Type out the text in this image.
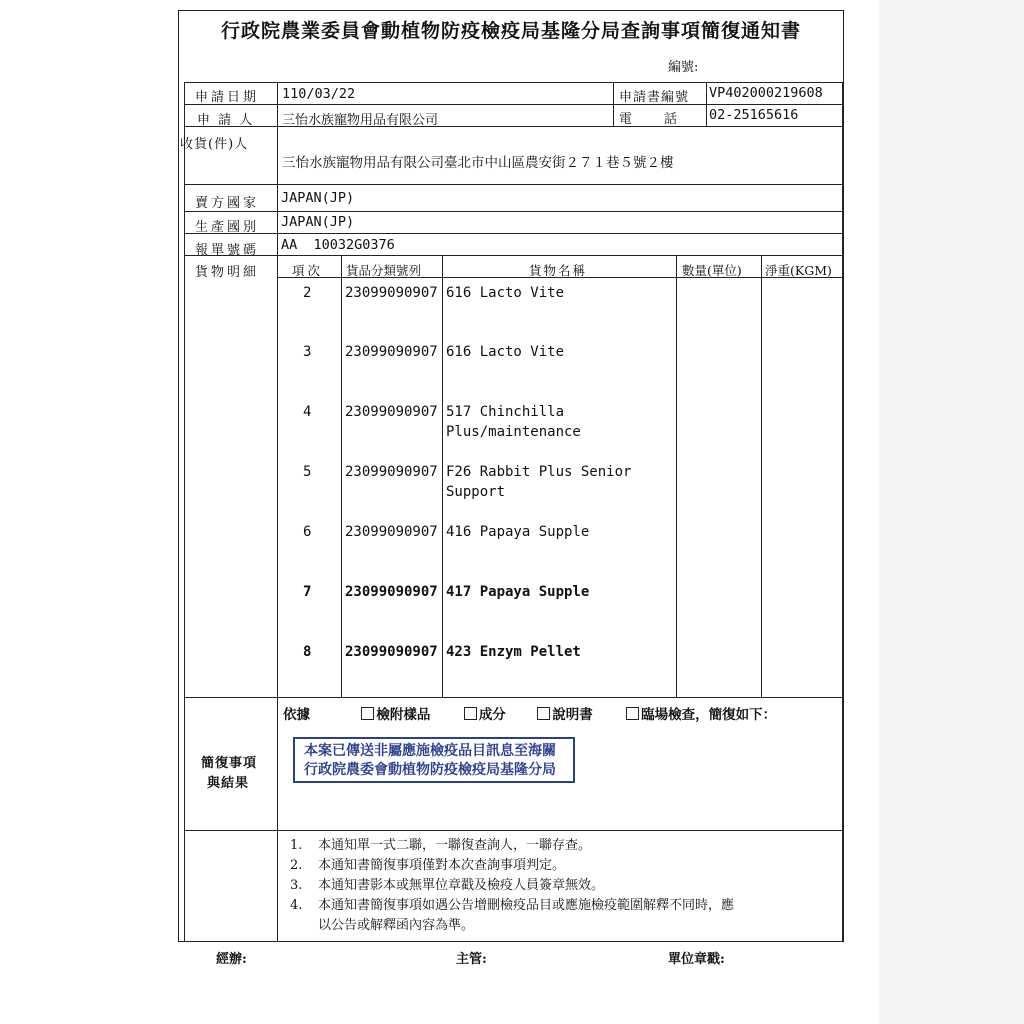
行政院農業委員會動植物防疫檢疫局基隆分局查詢事項簡復通知書
編號:
申請日期 110/03/22	申請書編號 VP402000219608
申 請 人 三怡水族寵物用品有限公司	電　　話 02-25165616
收貨(件)人
三怡水族寵物用品有限公司臺北市中山區農安街２７１巷５號２樓
賣方國家 JAPAN(JP)
生產國別 JAPAN(JP)
報單號碼 AA  10032G0376
貨物明細	項次 貨品分類號列	貨物名稱	數量(單位) 淨重(KGM)
2 23099090907 616 Lacto Vite
3 23099090907 616 Lacto Vite
4 23099090907 517 Chinchilla Plus/maintenance
5 23099090907 F26 Rabbit Plus Senior Support
6 23099090907 416 Papaya Supple
7 23099090907 417 Papaya Supple
8 23099090907 423 Enzym Pellet
簡復事項
與結果
依據	檢附樣品	成分	說明書	臨場檢查，簡復如下：
本案已傳送非屬應施檢疫品目訊息至海關
行政院農委會動植物防疫檢疫局基隆分局
1. 本通知單一式二聯，一聯復查詢人，一聯存查。
2. 本通知書簡復事項僅對本次查詢事項判定。
3. 本通知書影本或無單位章戳及檢疫人員簽章無效。
4. 本通知書簡復事項如遇公告增刪檢疫品目或應施檢疫範圍解釋不同時，應
以公告或解釋函內容為準。
經辦:	主管:	單位章戳:
